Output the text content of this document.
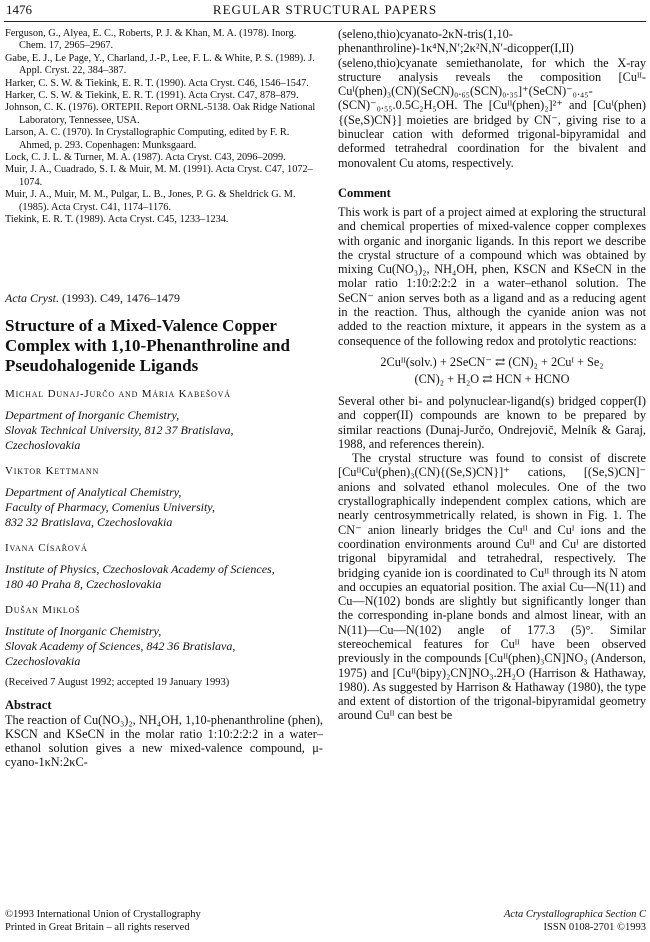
1476	REGULAR STRUCTURAL PAPERS

Ferguson, G., Alyea, E. C., Roberts, P. J. & Khan, M. A. (1978). Inorg. Chem. 17, 2965–2967.

Gabe, E. J., Le Page, Y., Charland, J.-P., Lee, F. L. & White, P. S. (1989). J. Appl. Cryst. 22, 384–387.

Harker, C. S. W. & Tiekink, E. R. T. (1990). Acta Cryst. C46, 1546–1547.

Harker, C. S. W. & Tiekink, E. R. T. (1991). Acta Cryst. C47, 878–879.

Johnson, C. K. (1976). ORTEPII. Report ORNL-5138. Oak Ridge National Laboratory, Tennessee, USA.

Larson, A. C. (1970). In Crystallographic Computing, edited by F. R. Ahmed, p. 293. Copenhagen: Munksgaard.

Lock, C. J. L. & Turner, M. A. (1987). Acta Cryst. C43, 2096–2099.

Muir, J. A., Cuadrado, S. I. & Muir, M. M. (1991). Acta Cryst. C47, 1072–1074.

Muir, J. A., Muir, M. M., Pulgar, L. B., Jones, P. G. & Sheldrick G. M. (1985). Acta Cryst. C41, 1174–1176.

Tiekink, E. R. T. (1989). Acta Cryst. C45, 1233–1234.

Acta Cryst. (1993). C49, 1476–1479
Structure of a Mixed-Valence Copper Complex with 1,10-Phenanthroline and Pseudohalogenide Ligands
Michal Dunaj-Jurčo and Mária Kabešová
Department of Inorganic Chemistry,
Slovak Technical University, 812 37 Bratislava,
Czechoslovakia
Viktor Kettmann
Department of Analytical Chemistry,
Faculty of Pharmacy, Comenius University,
832 32 Bratislava, Czechoslovakia
Ivana Císařová
Institute of Physics, Czechoslovak Academy of Sciences,
180 40 Praha 8, Czechoslovakia
Dušan Mikloš
Institute of Inorganic Chemistry,
Slovak Academy of Sciences, 842 36 Bratislava,
Czechoslovakia
(Received 7 August 1992; accepted 19 January 1993)
Abstract

The reaction of Cu(NO₃)₂, NH₄OH, 1,10-phenanthroline (phen), KSCN and KSeCN in the molar ratio 1:10:2:2:2 in a water–ethanol solution gives a new mixed-valence compound, μ-cyano-1κN:2κC-

(seleno,thio)cyanato-2κN-tris(1,10-phenanthroline)-1κ⁴N,N′;2κ²N,N′-dicopper(I,II) (seleno,thio)cyanate semiethanolate, for which the X-ray structure analysis reveals the composition [Cuᴵᴵ-Cuᴵ(phen)₃(CN)(SeCN)₀.₆₅(SCN)₀.₃₅]⁺(SeCN)⁻₀.₄₅-(SCN)⁻₀.₅₅.0.5C₂H₅OH. The [Cuᴵᴵ(phen)₂]²⁺ and [Cuᴵ(phen){(Se,S)CN}] moieties are bridged by CN⁻, giving rise to a binuclear cation with deformed trigonal-bipyramidal and deformed tetrahedral coordination for the bivalent and monovalent Cu atoms, respectively.

Comment

This work is part of a project aimed at exploring the structural and chemical properties of mixed-valence copper complexes with organic and inorganic ligands. In this report we describe the crystal structure of a compound which was obtained by mixing Cu(NO₃)₂, NH₄OH, phen, KSCN and KSeCN in the molar ratio 1:10:2:2:2 in a water–ethanol solution. The SeCN⁻ anion serves both as a ligand and as a reducing agent in the reaction. Thus, although the cyanide anion was not added to the reaction mixture, it appears in the system as a consequence of the following redox and protolytic reactions:

2Cuᴵᴵ(solv.) + 2SeCN⁻ ⇄ (CN)₂ + 2Cuᴵ + Se₂
(CN)₂ + H₂O ⇄ HCN + HCNO

Several other bi- and polynuclear-ligand(s) bridged copper(I) and copper(II) compounds are known to be prepared by similar reactions (Dunaj-Jurčo, Ondrejovič, Melník & Garaj, 1988, and references therein).

The crystal structure was found to consist of discrete [CuᴵᴵCuᴵ(phen)₃(CN){(Se,S)CN}]⁺ cations, [(Se,S)CN]⁻ anions and solvated ethanol molecules. One of the two crystallographically independent complex cations, which are nearly centrosymmetrically related, is shown in Fig. 1. The CN⁻ anion linearly bridges the Cuᴵᴵ and Cuᴵ ions and the coordination environments around Cuᴵᴵ and Cuᴵ are distorted trigonal bipyramidal and tetrahedral, respectively. The bridging cyanide ion is coordinated to Cuᴵᴵ through its N atom and occupies an equatorial position. The axial Cu—N(11) and Cu—N(102) bonds are slightly but significantly longer than the corresponding in-plane bonds and almost linear, with an N(11)—Cu—N(102) angle of 177.3 (5)°. Similar stereochemical features for Cuᴵᴵ have been observed previously in the compounds [Cuᴵᴵ(phen)₃CN]NO₃ (Anderson, 1975) and [Cuᴵᴵ(bipy)₂CN]NO₃.2H₂O (Harrison & Hathaway, 1980). As suggested by Harrison & Hathaway (1980), the type and extent of distortion of the trigonal-bipyramidal geometry around Cuᴵᴵ can best be

©1993 International Union of Crystallography
Printed in Great Britain – all rights reserved
Acta Crystallographica Section C
ISSN 0108-2701 ©1993
